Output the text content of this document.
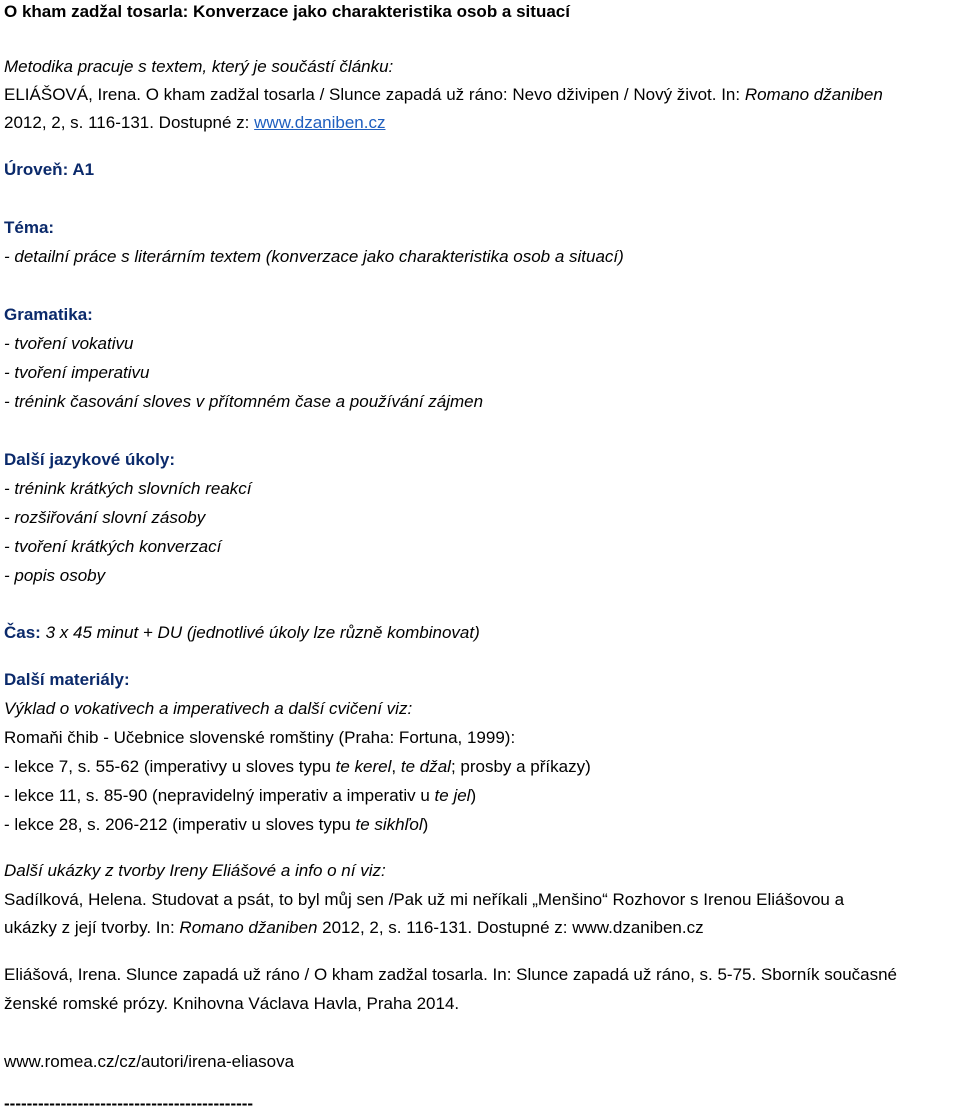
O kham zadžal tosarla: Konverzace jako charakteristika osob a situací
Metodika pracuje s textem, který je součástí článku:
ELIÁŠOVÁ, Irena. O kham zadžal tosarla / Slunce zapadá už ráno: Nevo dživipen / Nový život. In: Romano džaniben
2012, 2, s. 116-131. Dostupné z: www.dzaniben.cz
Úroveň: A1
Téma:
- detailní práce s literárním textem (konverzace jako charakteristika osob a situací)
Gramatika:
- tvoření vokativu
- tvoření imperativu
- trénink časování sloves v přítomném čase a používání zájmen
Další jazykové úkoly:
- trénink krátkých slovních reakcí
- rozšiřování slovní zásoby
- tvoření krátkých konverzací
- popis osoby
Čas: 3 x 45 minut + DU (jednotlivé úkoly lze různě kombinovat)
Další materiály:
Výklad o vokativech a imperativech a další cvičení viz:
Romaňi čhib - Učebnice slovenské romštiny (Praha: Fortuna, 1999):
- lekce 7, s. 55-62 (imperativy u sloves typu te kerel, te džal; prosby a příkazy)
- lekce 11, s. 85-90 (nepravidelný imperativ a imperativ u te jel)
- lekce 28, s. 206-212 (imperativ u sloves typu te sikhľol)
Další ukázky z tvorby Ireny Eliášové a info o ní viz:
Sadílková, Helena. Studovat a psát, to byl můj sen /Pak už mi neříkali „Menšino“ Rozhovor s Irenou Eliášovou a
ukázky z její tvorby. In: Romano džaniben 2012, 2, s. 116-131. Dostupné z: www.dzaniben.cz
Eliášová, Irena. Slunce zapadá už ráno / O kham zadžal tosarla. In: Slunce zapadá už ráno, s. 5-75. Sborník současné
ženské romské prózy. Knihovna Václava Havla, Praha 2014.
www.romea.cz/cz/autori/irena-eliasova
--------------------------------------------
